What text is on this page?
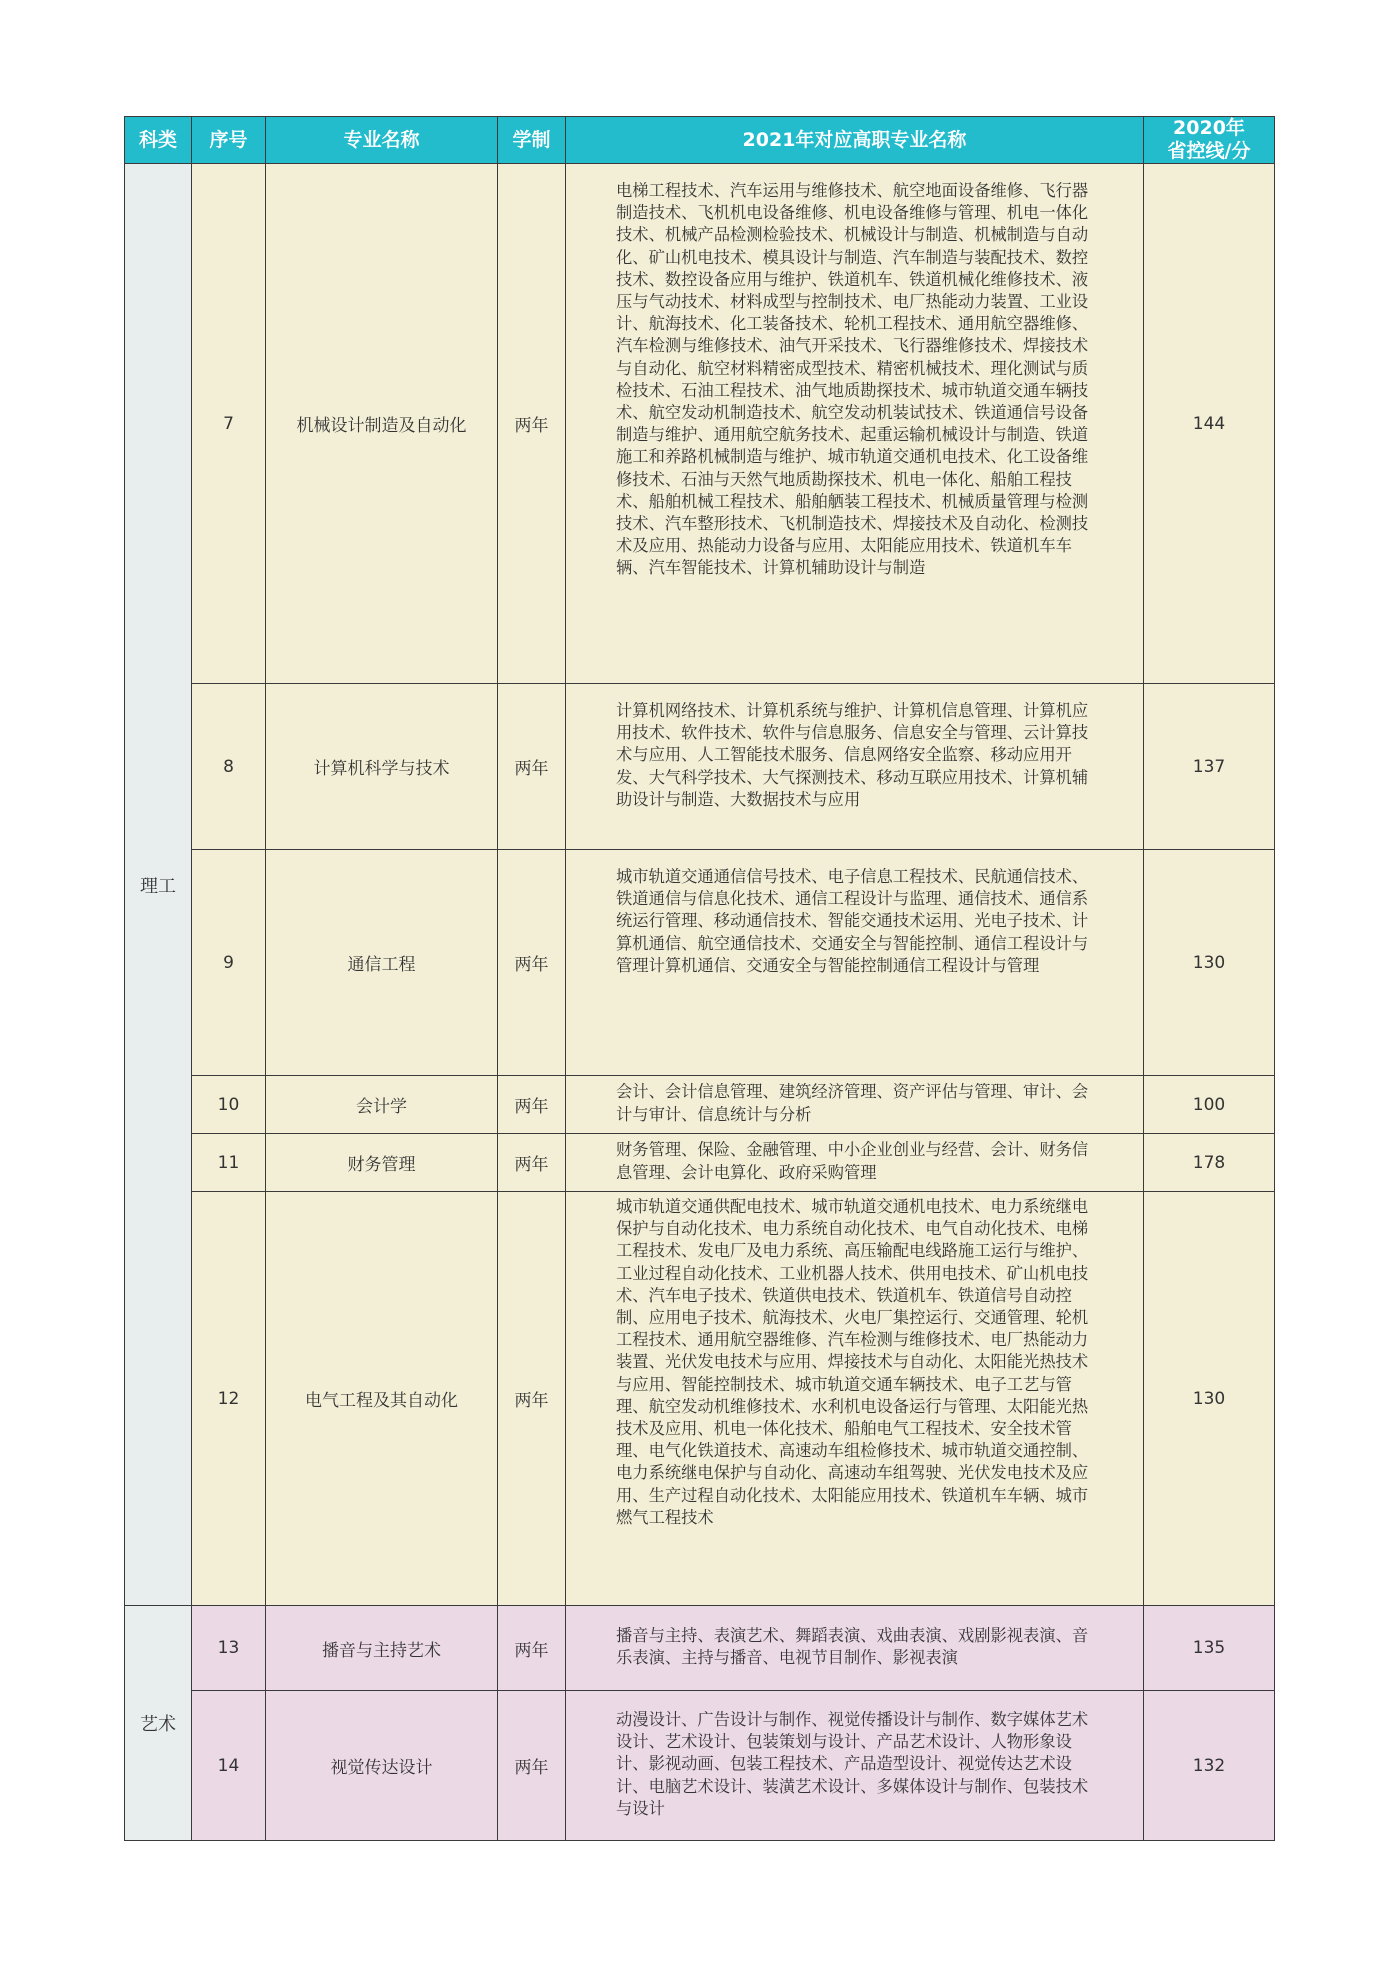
科类	序号	专业名称	学制	2021年对应高职专业名称	2020年
省控线/分

理工	7	机械设计制造及自动化	两年	电梯工程技术、汽车运用与维修技术、航空地面设备维修、飞行器制造技术、飞机机电设备维修、机电设备维修与管理、机电一体化技术、机械产品检测检验技术、机械设计与制造、机械制造与自动化、矿山机电技术、模具设计与制造、汽车制造与装配技术、数控技术、数控设备应用与维护、铁道机车、铁道机械化维修技术、液压与气动技术、材料成型与控制技术、电厂热能动力装置、工业设计、航海技术、化工装备技术、轮机工程技术、通用航空器维修、汽车检测与维修技术、油气开采技术、飞行器维修技术、焊接技术与自动化、航空材料精密成型技术、精密机械技术、理化测试与质检技术、石油工程技术、油气地质勘探技术、城市轨道交通车辆技术、航空发动机制造技术、航空发动机装试技术、铁道通信号设备制造与维护、通用航空航务技术、起重运输机械设计与制造、铁道施工和养路机械制造与维护、城市轨道交通机电技术、化工设备维修技术、石油与天然气地质勘探技术、机电一体化、船舶工程技术、船舶机械工程技术、船舶舾装工程技术、机械质量管理与检测技术、汽车整形技术、飞机制造技术、焊接技术及自动化、检测技术及应用、热能动力设备与应用、太阳能应用技术、铁道机车车辆、汽车智能技术、计算机辅助设计与制造	144
	8	计算机科学与技术	两年	计算机网络技术、计算机系统与维护、计算机信息管理、计算机应用技术、软件技术、软件与信息服务、信息安全与管理、云计算技术与应用、人工智能技术服务、信息网络安全监察、移动应用开发、大气科学技术、大气探测技术、移动互联应用技术、计算机辅助设计与制造、大数据技术与应用	137
	9	通信工程	两年	城市轨道交通通信信号技术、电子信息工程技术、民航通信技术、铁道通信与信息化技术、通信工程设计与监理、通信技术、通信系统运行管理、移动通信技术、智能交通技术运用、光电子技术、计算机通信、航空通信技术、交通安全与智能控制、通信工程设计与管理计算机通信、交通安全与智能控制通信工程设计与管理	130
	10	会计学	两年	会计、会计信息管理、建筑经济管理、资产评估与管理、审计、会计与审计、信息统计与分析	100
	11	财务管理	两年	财务管理、保险、金融管理、中小企业创业与经营、会计、财务信息管理、会计电算化、政府采购管理	178
	12	电气工程及其自动化	两年	城市轨道交通供配电技术、城市轨道交通机电技术、电力系统继电保护与自动化技术、电力系统自动化技术、电气自动化技术、电梯工程技术、发电厂及电力系统、高压输配电线路施工运行与维护、工业过程自动化技术、工业机器人技术、供用电技术、矿山机电技术、汽车电子技术、铁道供电技术、铁道机车、铁道信号自动控制、应用电子技术、航海技术、火电厂集控运行、交通管理、轮机工程技术、通用航空器维修、汽车检测与维修技术、电厂热能动力装置、光伏发电技术与应用、焊接技术与自动化、太阳能光热技术与应用、智能控制技术、城市轨道交通车辆技术、电子工艺与管理、航空发动机维修技术、水利机电设备运行与管理、太阳能光热技术及应用、机电一体化技术、船舶电气工程技术、安全技术管理、电气化铁道技术、高速动车组检修技术、城市轨道交通控制、电力系统继电保护与自动化、高速动车组驾驶、光伏发电技术及应用、生产过程自动化技术、太阳能应用技术、铁道机车车辆、城市燃气工程技术	130
艺术	13	播音与主持艺术	两年	播音与主持、表演艺术、舞蹈表演、戏曲表演、戏剧影视表演、音乐表演、主持与播音、电视节目制作、影视表演	135
	14	视觉传达设计	两年	动漫设计、广告设计与制作、视觉传播设计与制作、数字媒体艺术设计、艺术设计、包装策划与设计、产品艺术设计、人物形象设计、影视动画、包装工程技术、产品造型设计、视觉传达艺术设计、电脑艺术设计、装潢艺术设计、多媒体设计与制作、包装技术与设计	132
